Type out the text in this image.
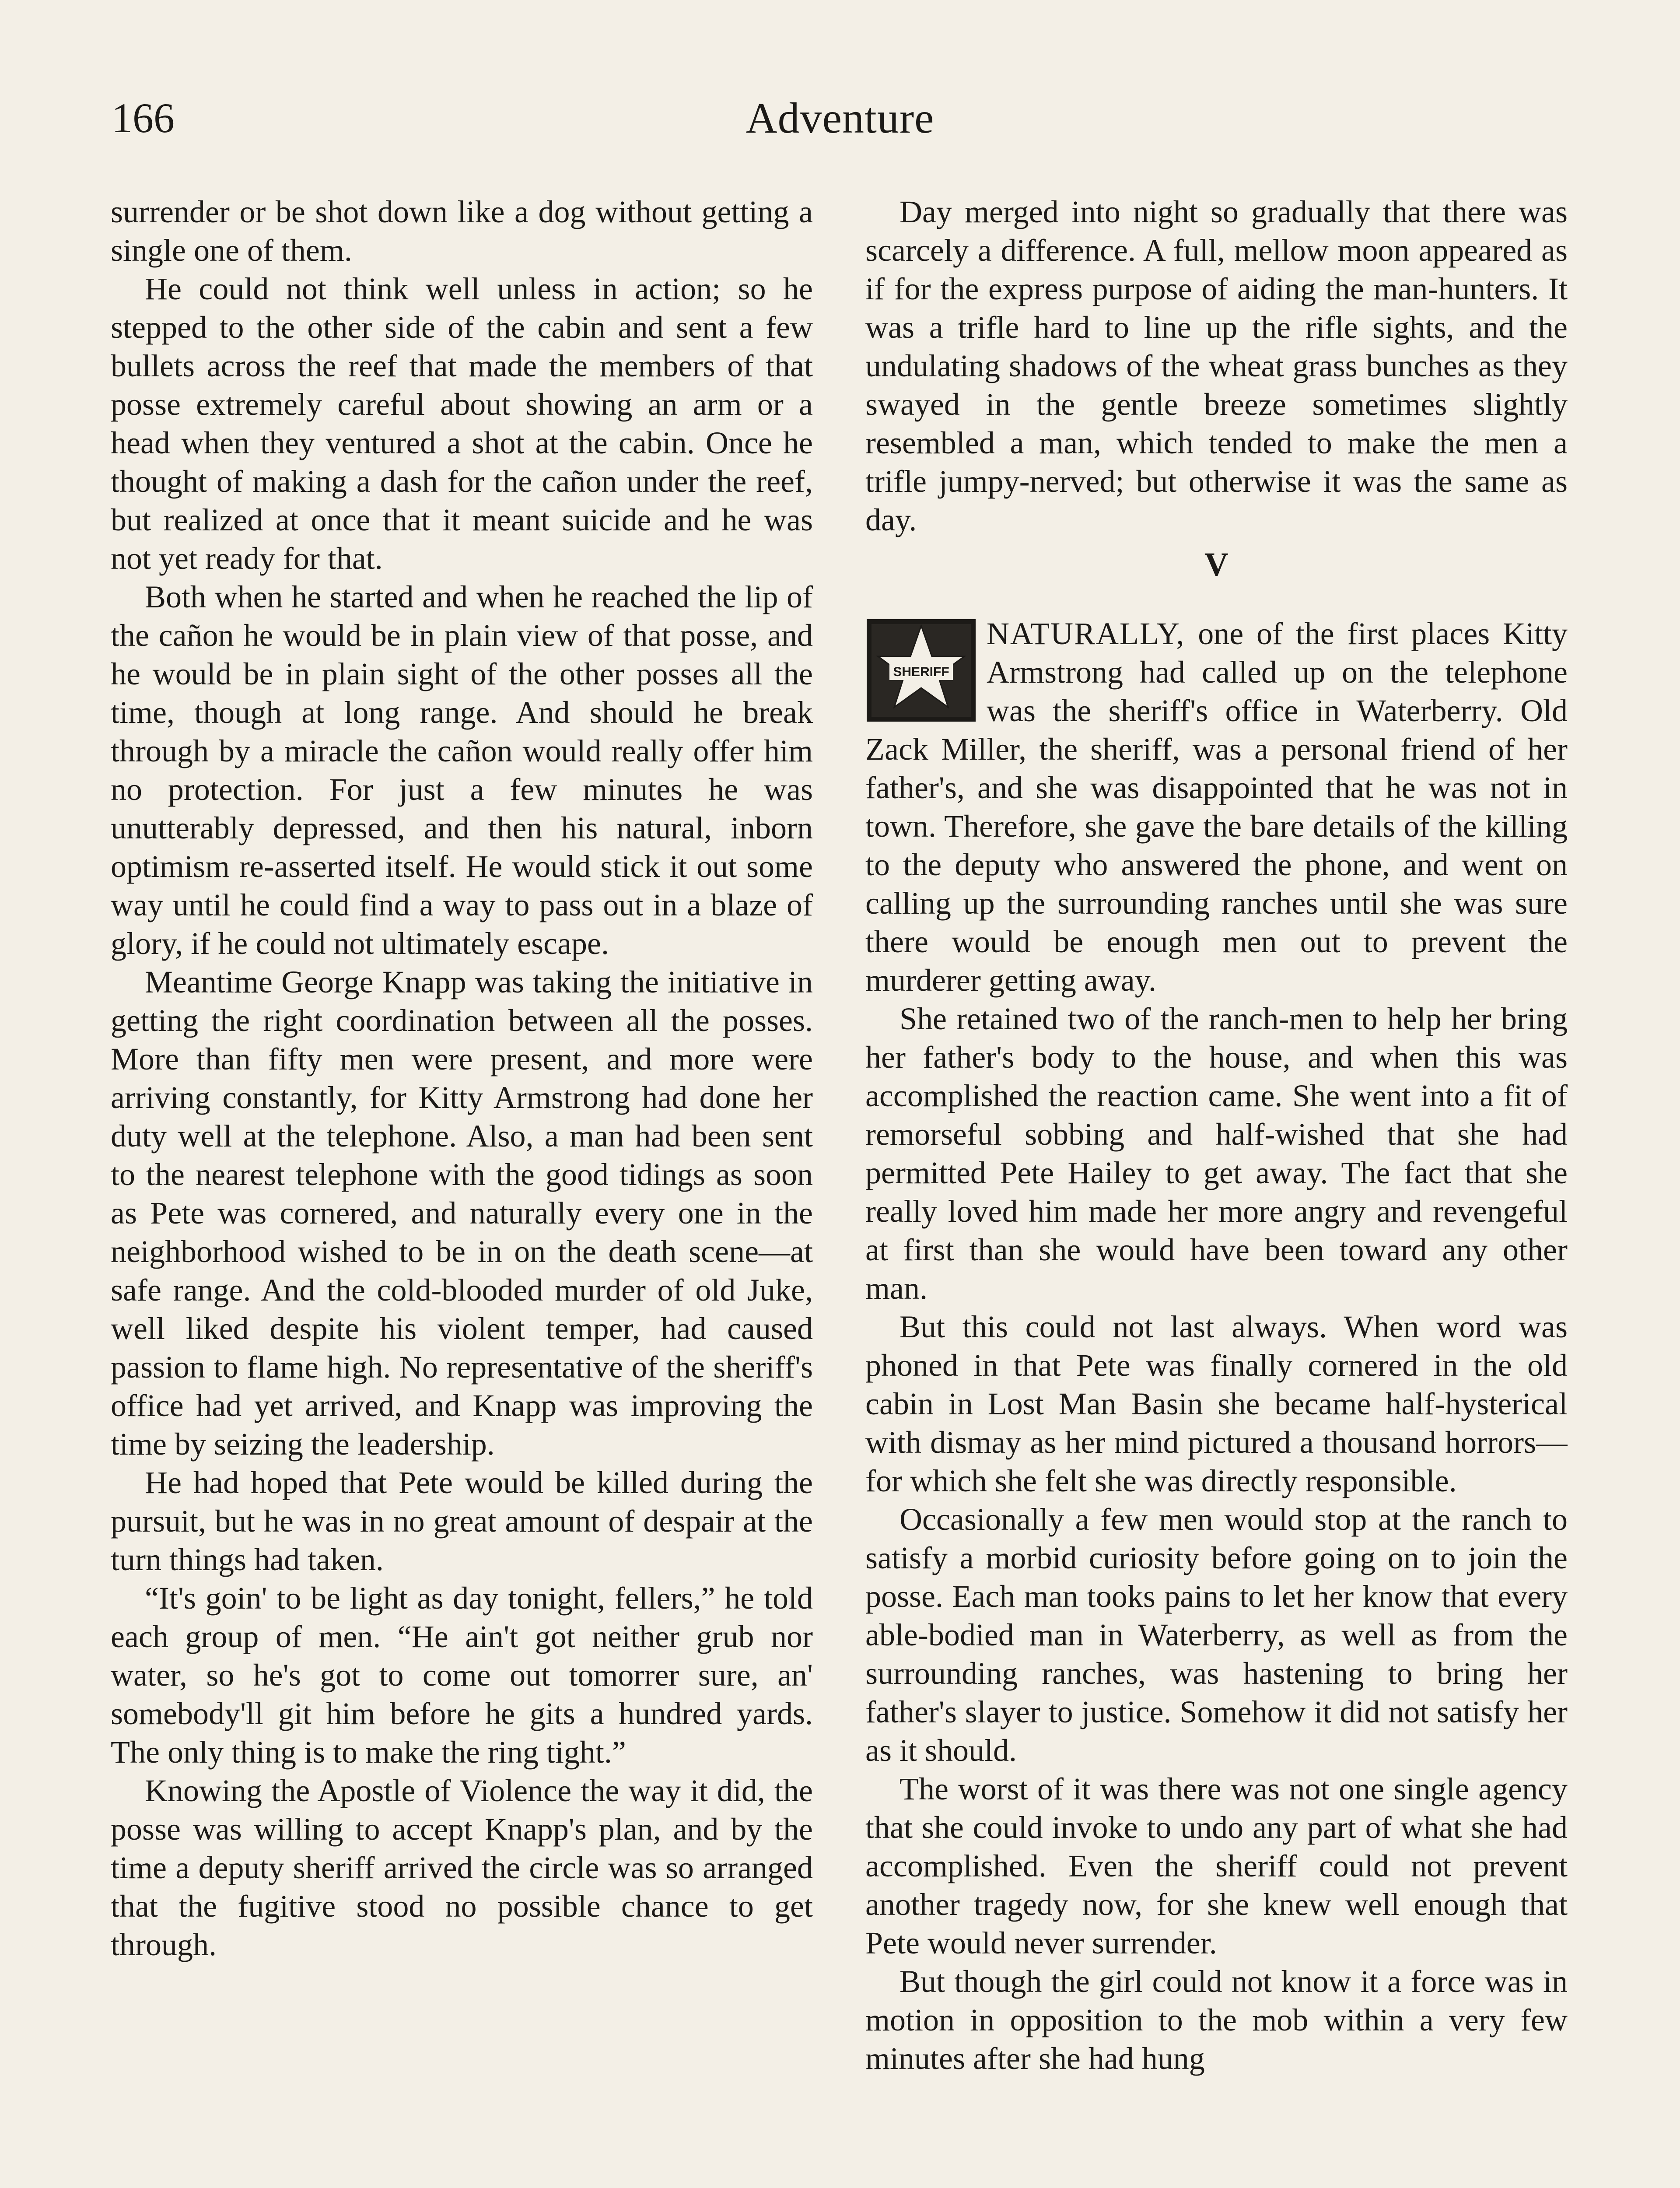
166	Adventure

surrender or be shot down like a dog without getting a single one of them.

He could not think well unless in action; so he stepped to the other side of the cabin and sent a few bullets across the reef that made the members of that posse extremely careful about showing an arm or a head when they ventured a shot at the cabin. Once he thought of making a dash for the cañon under the reef, but realized at once that it meant suicide and he was not yet ready for that.

Both when he started and when he reached the lip of the cañon he would be in plain view of that posse, and he would be in plain sight of the other posses all the time, though at long range. And should he break through by a miracle the cañon would really offer him no protection. For just a few minutes he was unutterably depressed, and then his natural, inborn optimism re-asserted itself. He would stick it out some way until he could find a way to pass out in a blaze of glory, if he could not ultimately escape.

Meantime George Knapp was taking the initiative in getting the right coordination between all the posses. More than fifty men were present, and more were arriving constantly, for Kitty Armstrong had done her duty well at the telephone. Also, a man had been sent to the nearest telephone with the good tidings as soon as Pete was cornered, and naturally every one in the neighborhood wished to be in on the death scene—at safe range. And the cold-blooded murder of old Juke, well liked despite his violent temper, had caused passion to flame high. No representative of the sheriff's office had yet arrived, and Knapp was improving the time by seizing the leadership.

He had hoped that Pete would be killed during the pursuit, but he was in no great amount of despair at the turn things had taken.

“It's goin' to be light as day tonight, fellers,” he told each group of men. “He ain't got neither grub nor water, so he's got to come out tomorrer sure, an' somebody'll git him before he gits a hundred yards. The only thing is to make the ring tight.”

Knowing the Apostle of Violence the way it did, the posse was willing to accept Knapp's plan, and by the time a deputy sheriff arrived the circle was so arranged that the fugitive stood no possible chance to get through.

Day merged into night so gradually that there was scarcely a difference. A full, mellow moon appeared as if for the express purpose of aiding the man-hunters. It was a trifle hard to line up the rifle sights, and the undulating shadows of the wheat grass bunches as they swayed in the gentle breeze sometimes slightly resembled a man, which tended to make the men a trifle jumpy-nerved; but otherwise it was the same as day.

V

SHERIFF
NATURALLY, one of the first places Kitty Armstrong had called up on the telephone was the sheriff's office in Waterberry. Old Zack Miller, the sheriff, was a personal friend of her father's, and she was disappointed that he was not in town. Therefore, she gave the bare details of the killing to the deputy who answered the phone, and went on calling up the surrounding ranches until she was sure there would be enough men out to prevent the murderer getting away.

She retained two of the ranch-men to help her bring her father's body to the house, and when this was accomplished the reaction came. She went into a fit of remorseful sobbing and half-wished that she had permitted Pete Hailey to get away. The fact that she really loved him made her more angry and revengeful at first than she would have been toward any other man.

But this could not last always. When word was phoned in that Pete was finally cornered in the old cabin in Lost Man Basin she became half-hysterical with dismay as her mind pictured a thousand horrors—for which she felt she was directly responsible.

Occasionally a few men would stop at the ranch to satisfy a morbid curiosity before going on to join the posse. Each man tooks pains to let her know that every able-bodied man in Waterberry, as well as from the surrounding ranches, was hastening to bring her father's slayer to justice. Somehow it did not satisfy her as it should.

The worst of it was there was not one single agency that she could invoke to undo any part of what she had accomplished. Even the sheriff could not prevent another tragedy now, for she knew well enough that Pete would never surrender.

But though the girl could not know it a force was in motion in opposition to the mob within a very few minutes after she had hung
